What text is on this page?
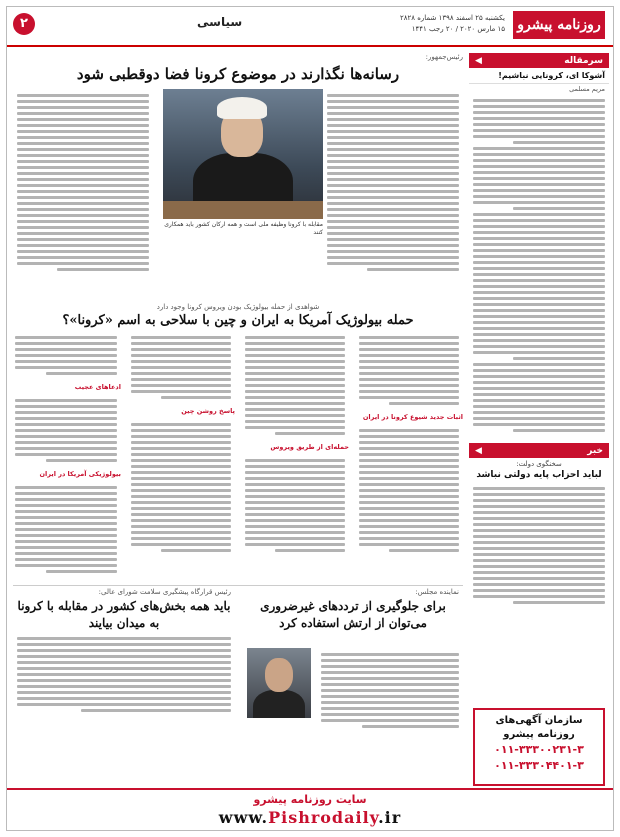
۲	سیاسی	یکشنبه ۲۵ اسفند ۱۳۹۸ شماره ۲۸۲۸
۱۵ مارس ۲۰۲۰ / ۲۰ رجب ۱۴۴۱ روزنامه پیشرو
سرمقاله
◀
آشوکا ای، کرونایی نباشیم!
مریم مسلمی
خبر
◀
سخنگوی دولت:
لباید احزاب پایه دولتی نباشد
سازمان آگهی‌های روزنامه پیشرو
۰۱۱-۳۳۳۰۰۲۳۱-۳
۰۱۱-۳۳۳۰۴۴۰۱-۳
رئیس‌جمهور:
رسانه‌ها نگذارند در موضوع کرونا فضا دوقطبی شود
مقابله با کرونا وظیفه ملی است و همه ارکان کشور باید همکاری کنند
شواهدی از حمله بیولوژیک بودن ویروس کرونا وجود دارد
حمله بیولوژیک آمریکا به ایران و چین با سلاحی به اسم «کرونا»؟
اثبات جدید شیوع کرونا در ایران
حمله‌ای از طریق ویروس
پاسخ روشن چین
ادعاهای عجیب
بیولوژیکی آمریکا در ایران
نماینده مجلس:
برای جلوگیری از ترددهای غیرضروری می‌توان از ارتش استفاده کرد
رئیس قرارگاه پیشگیری سلامت شورای عالی:
باید همه بخش‌های کشور در مقابله با کرونا به میدان بیایند
سایت روزنامه پیشرو
www.Pishrodaily.ir
